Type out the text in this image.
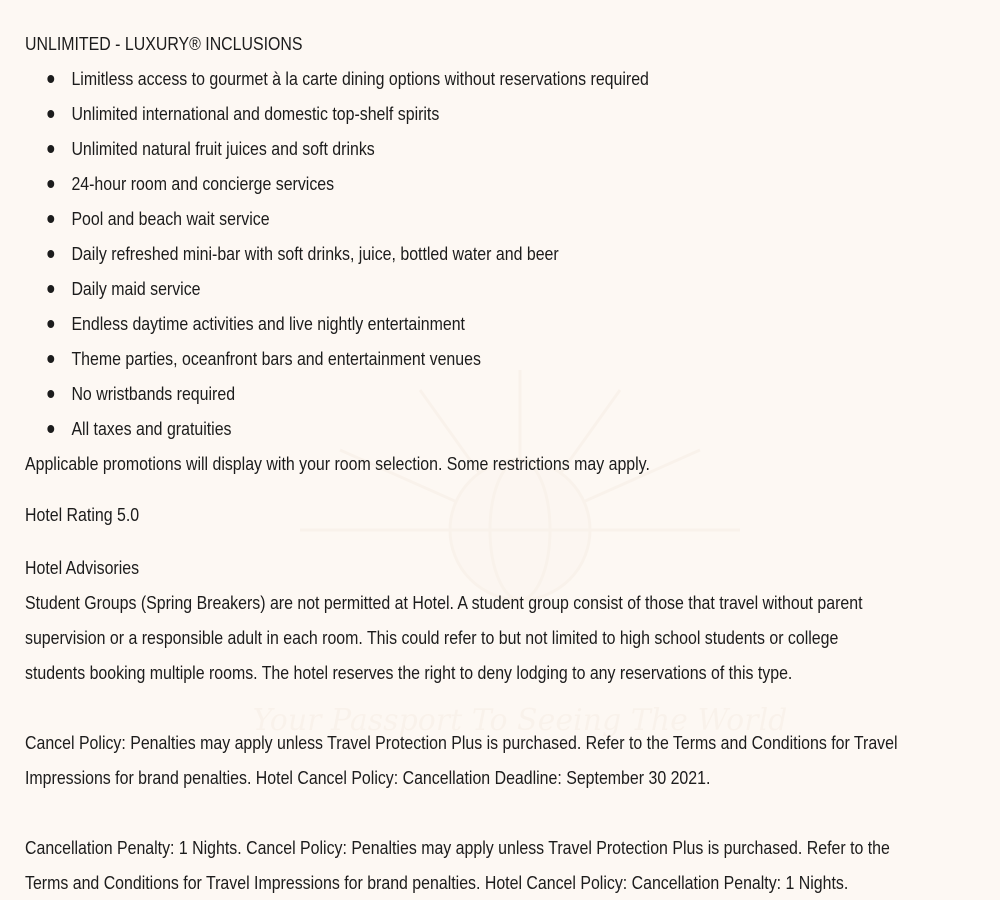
Your Passport To Seeing The World

UNLIMITED - LUXURY® INCLUSIONS

Limitless access to gourmet à la carte dining options without reservations required
Unlimited international and domestic top-shelf spirits
Unlimited natural fruit juices and soft drinks
24-hour room and concierge services
Pool and beach wait service
Daily refreshed mini-bar with soft drinks, juice, bottled water and beer
Daily maid service
Endless daytime activities and live nightly entertainment
Theme parties, oceanfront bars and entertainment venues
No wristbands required
All taxes and gratuities

Applicable promotions will display with your room selection. Some restrictions may apply.

Hotel Rating 5.0

Hotel Advisories

Student Groups (Spring Breakers) are not permitted at Hotel. A student group consist of those that travel without parent
supervision or a responsible adult in each room. This could refer to but not limited to high school students or college
students booking multiple rooms. The hotel reserves the right to deny lodging to any reservations of this type.
Cancel Policy: Penalties may apply unless Travel Protection Plus is purchased. Refer to the Terms and Conditions for Travel
Impressions for brand penalties. Hotel Cancel Policy: Cancellation Deadline: September 30 2021.
Cancellation Penalty: 1 Nights. Cancel Policy: Penalties may apply unless Travel Protection Plus is purchased. Refer to the
Terms and Conditions for Travel Impressions for brand penalties. Hotel Cancel Policy: Cancellation Penalty: 1 Nights.
